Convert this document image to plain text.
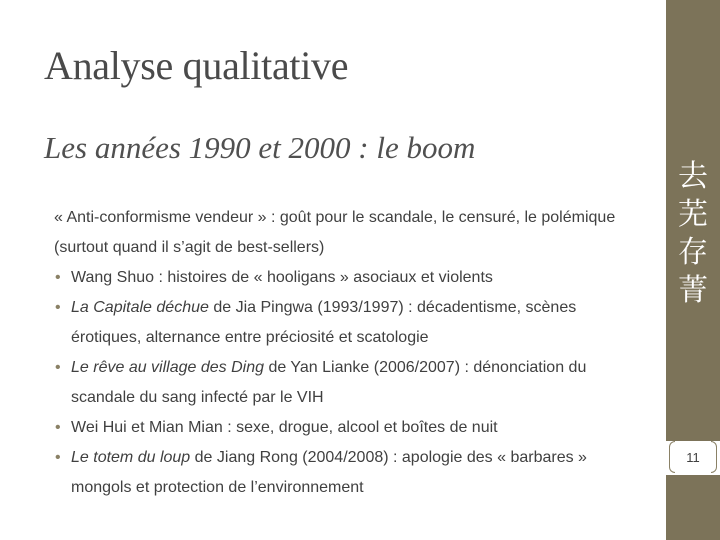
Analyse qualitative
Les années 1990 et 2000 : le boom

« Anti-conformisme vendeur » : goût pour le scandale, le censuré, le polémique (surtout quand il s’agit de best-sellers)

• Wang Shuo : histoires de « hooligans » asociaux et violents
• La Capitale déchue de Jia Pingwa (1993/1997) : décadentisme, scènes érotiques, alternance entre préciosité et scatologie
• Le rêve au village des Ding de Yan Lianke (2006/2007) : dénonciation du scandale du sang infecté par le VIH
• Wei Hui et Mian Mian : sexe, drogue, alcool et boîtes de nuit
• Le totem du loup de Jiang Rong (2004/2008) : apologie des « barbares » mongols et protection de l’environnement
去
芜
存
菁
11
